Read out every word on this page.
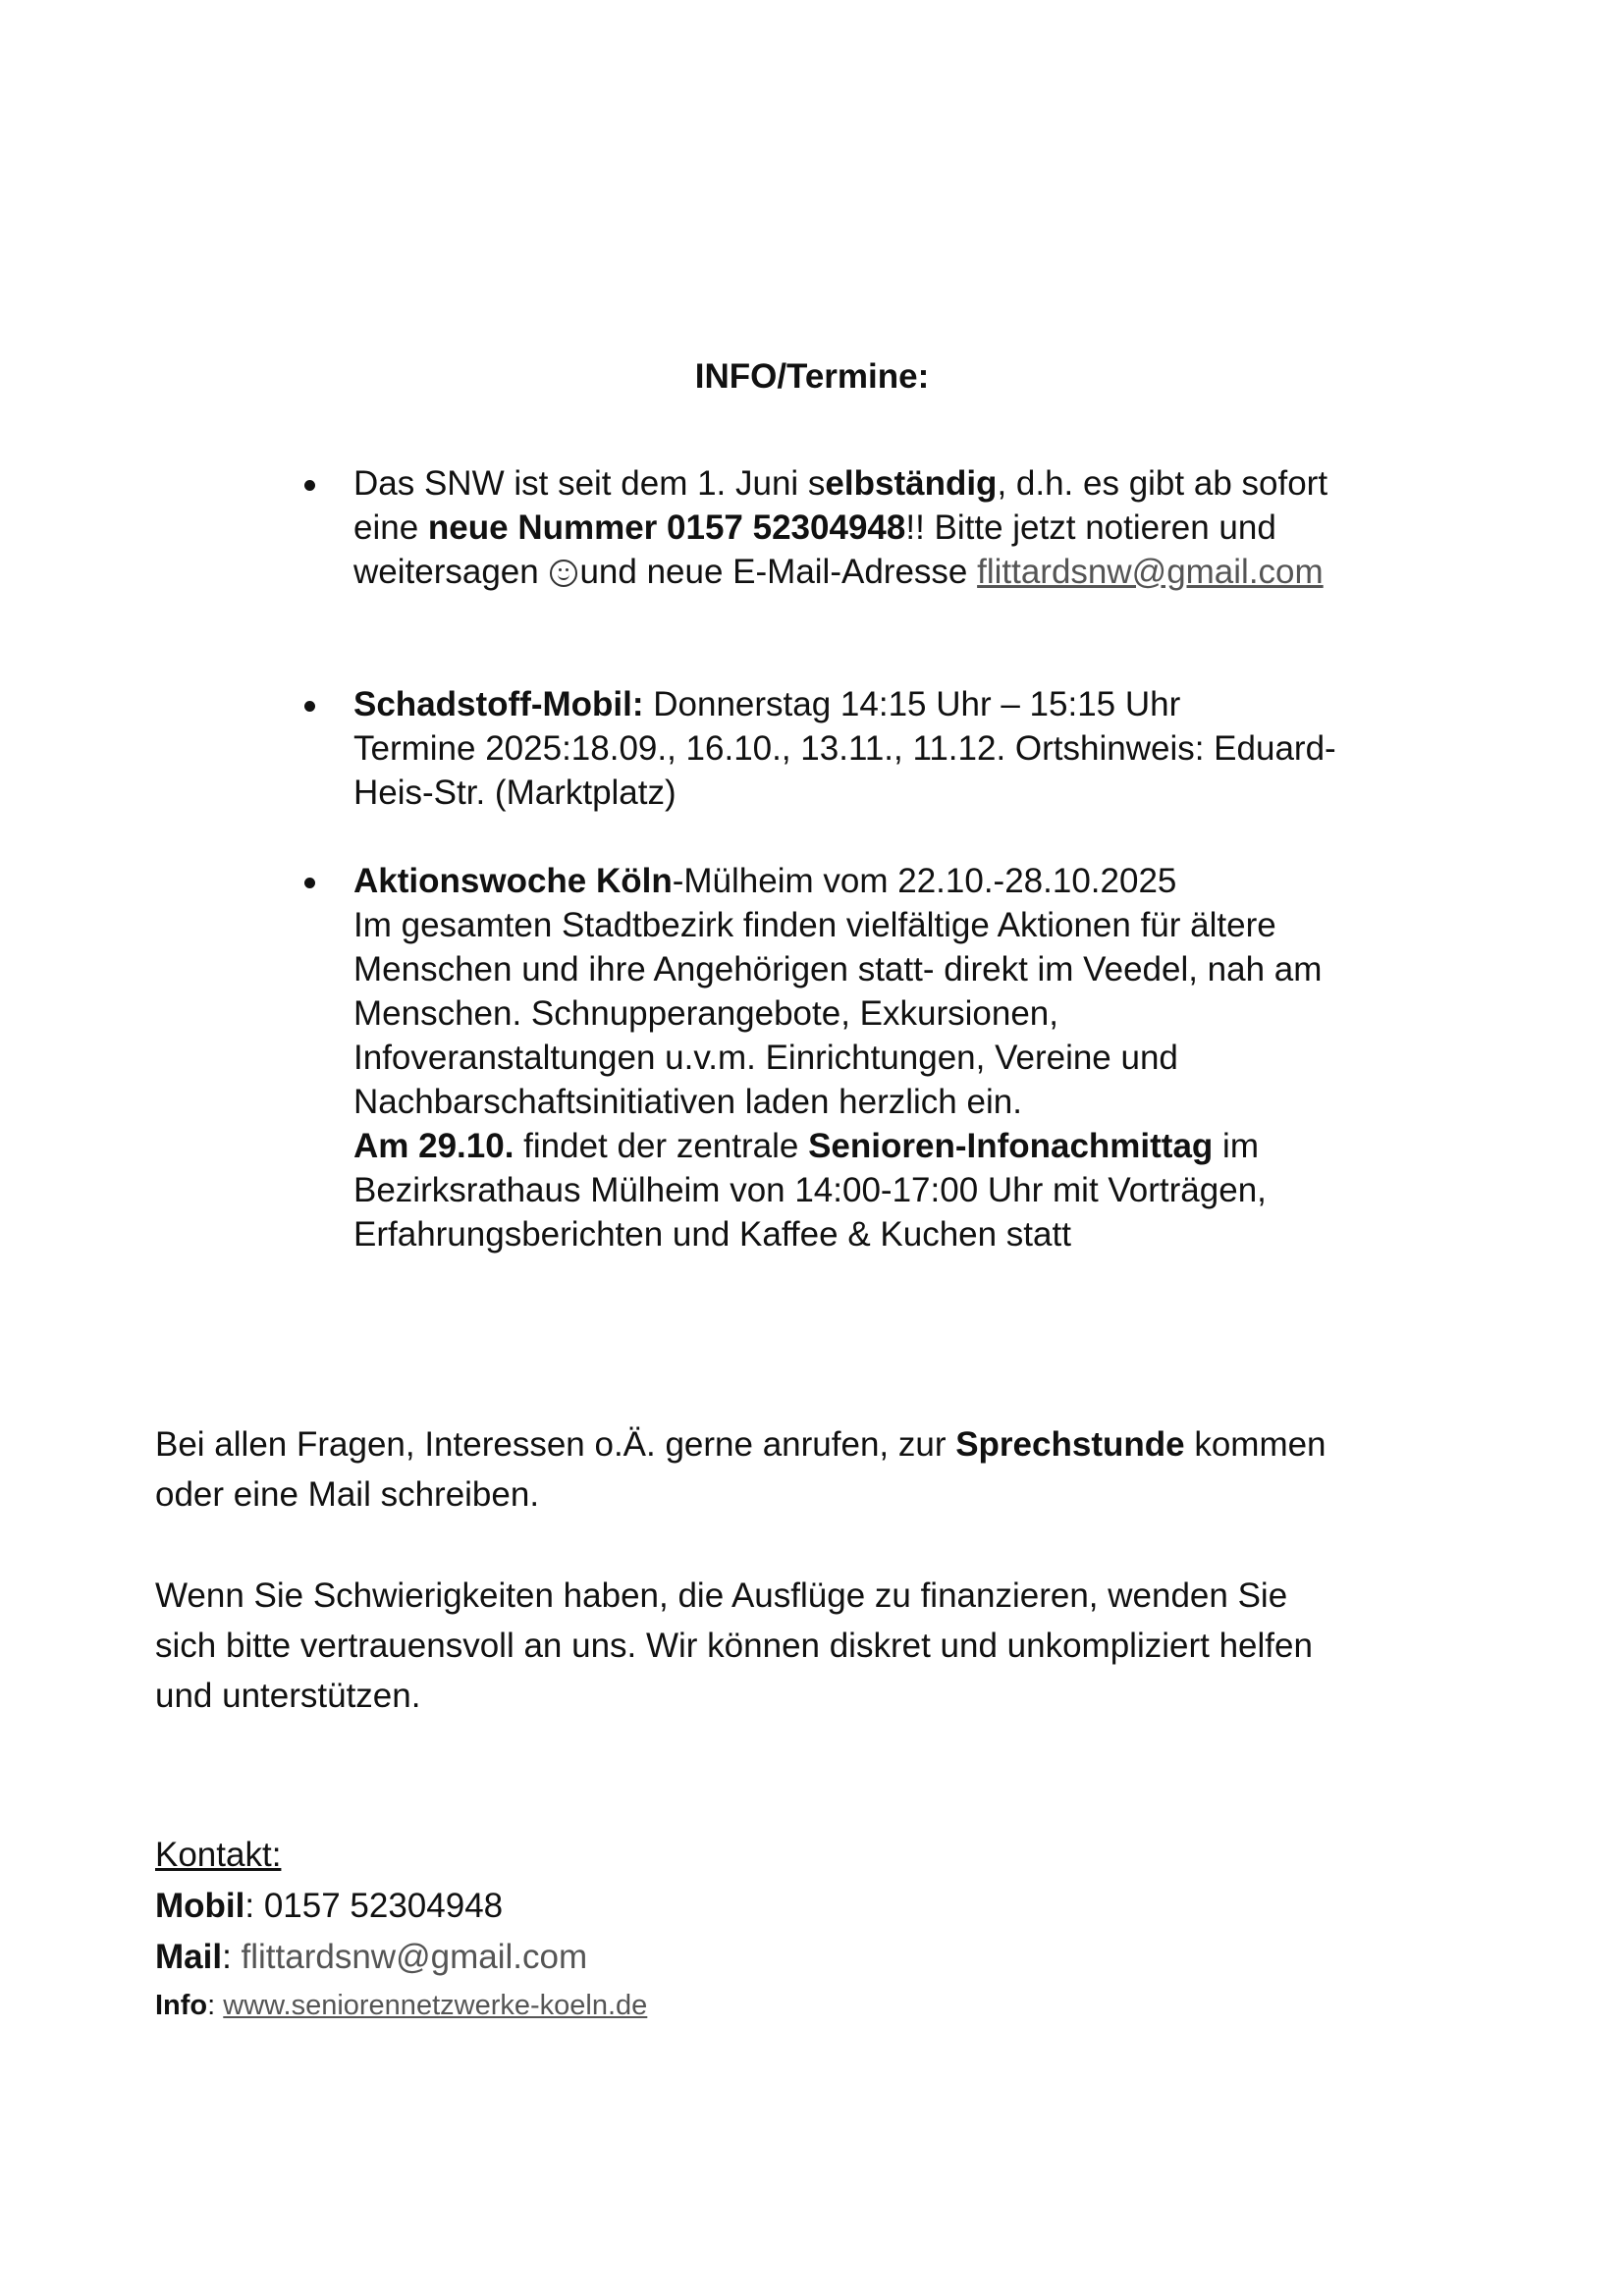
INFO/Termine:
Das SNW ist seit dem 1. Juni selbständig, d.h. es gibt ab sofort
eine neue Nummer 0157 52304948!! Bitte jetzt notieren und
weitersagen
und neue E-Mail-Adresse flittardsnw@gmail.com
Schadstoff-Mobil: Donnerstag 14:15 Uhr – 15:15 Uhr
Termine 2025:18.09., 16.10., 13.11., 11.12. Ortshinweis: Eduard-
Heis-Str. (Marktplatz)
Aktionswoche Köln-Mülheim vom 22.10.-28.10.2025
Im gesamten Stadtbezirk finden vielfältige Aktionen für ältere
Menschen und ihre Angehörigen statt- direkt im Veedel, nah am
Menschen. Schnupperangebote, Exkursionen,
Infoveranstaltungen u.v.m. Einrichtungen, Vereine und
Nachbarschaftsinitiativen laden herzlich ein.
Am 29.10. findet der zentrale Senioren-Infonachmittag im
Bezirksrathaus Mülheim von 14:00-17:00 Uhr mit Vorträgen,
Erfahrungsberichten und Kaffee & Kuchen statt
Bei allen Fragen, Interessen o.Ä. gerne anrufen, zur Sprechstunde kommen
oder eine Mail schreiben.
Wenn Sie Schwierigkeiten haben, die Ausflüge zu finanzieren, wenden Sie
sich bitte vertrauensvoll an uns. Wir können diskret und unkompliziert helfen
und unterstützen.
Kontakt:
Mobil: 0157 52304948
Mail: flittardsnw@gmail.com
Info: www.seniorennetzwerke-koeln.de
